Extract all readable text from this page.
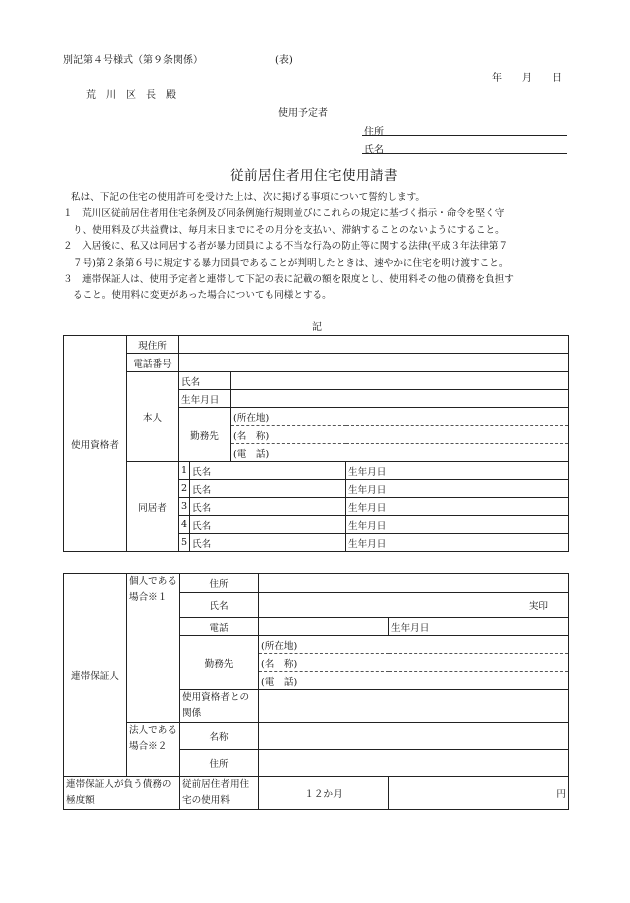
別記第４号様式（第９条関係）	(表)
年　　月　　日
荒　川　区　長　殿
使用予定者
住所
氏名
従前居住者用住宅使用請書

私は、下記の住宅の使用許可を受けた上は、次に掲げる事項について誓約します。

１　荒川区従前居住者用住宅条例及び同条例施行規則並びにこれらの規定に基づく指示・命令を堅く守

り、使用料及び共益費は、毎月末日までにその月分を支払い、滞納することのないようにすること。

２　入居後に、私又は同居する者が暴力団員による不当な行為の防止等に関する法律(平成３年法律第７

７号)第２条第６号に規定する暴力団員であることが判明したときは、速やかに住宅を明け渡すこと。

３　連帯保証人は、使用予定者と連帯して下記の表に記載の額を限度とし、使用料その他の債務を負担す

ること。使用料に変更があった場合についても同様とする。

記
使用資格者	現住所				
	電話番号				
	本人	氏名			
		生年月日			
		勤務先		(所在地)	
				(名　称)	
				(電　話)	
	同居者	1	氏名		生年月日
		2	氏名		生年月日
		3	氏名		生年月日
		4	氏名		生年月日
		5	氏名		生年月日
連帯保証人	個人である場合※１	住所		
		氏名	実印	
		電話		生年月日
		勤務先	(所在地)	
			(名　称)	
			(電　話)	
		使用資格者との関係		

	法人である場合※２	名称		
		住所		
連帯保証人が負う債務の極度額		従前居住者用住宅の使用料	１２か月	円
